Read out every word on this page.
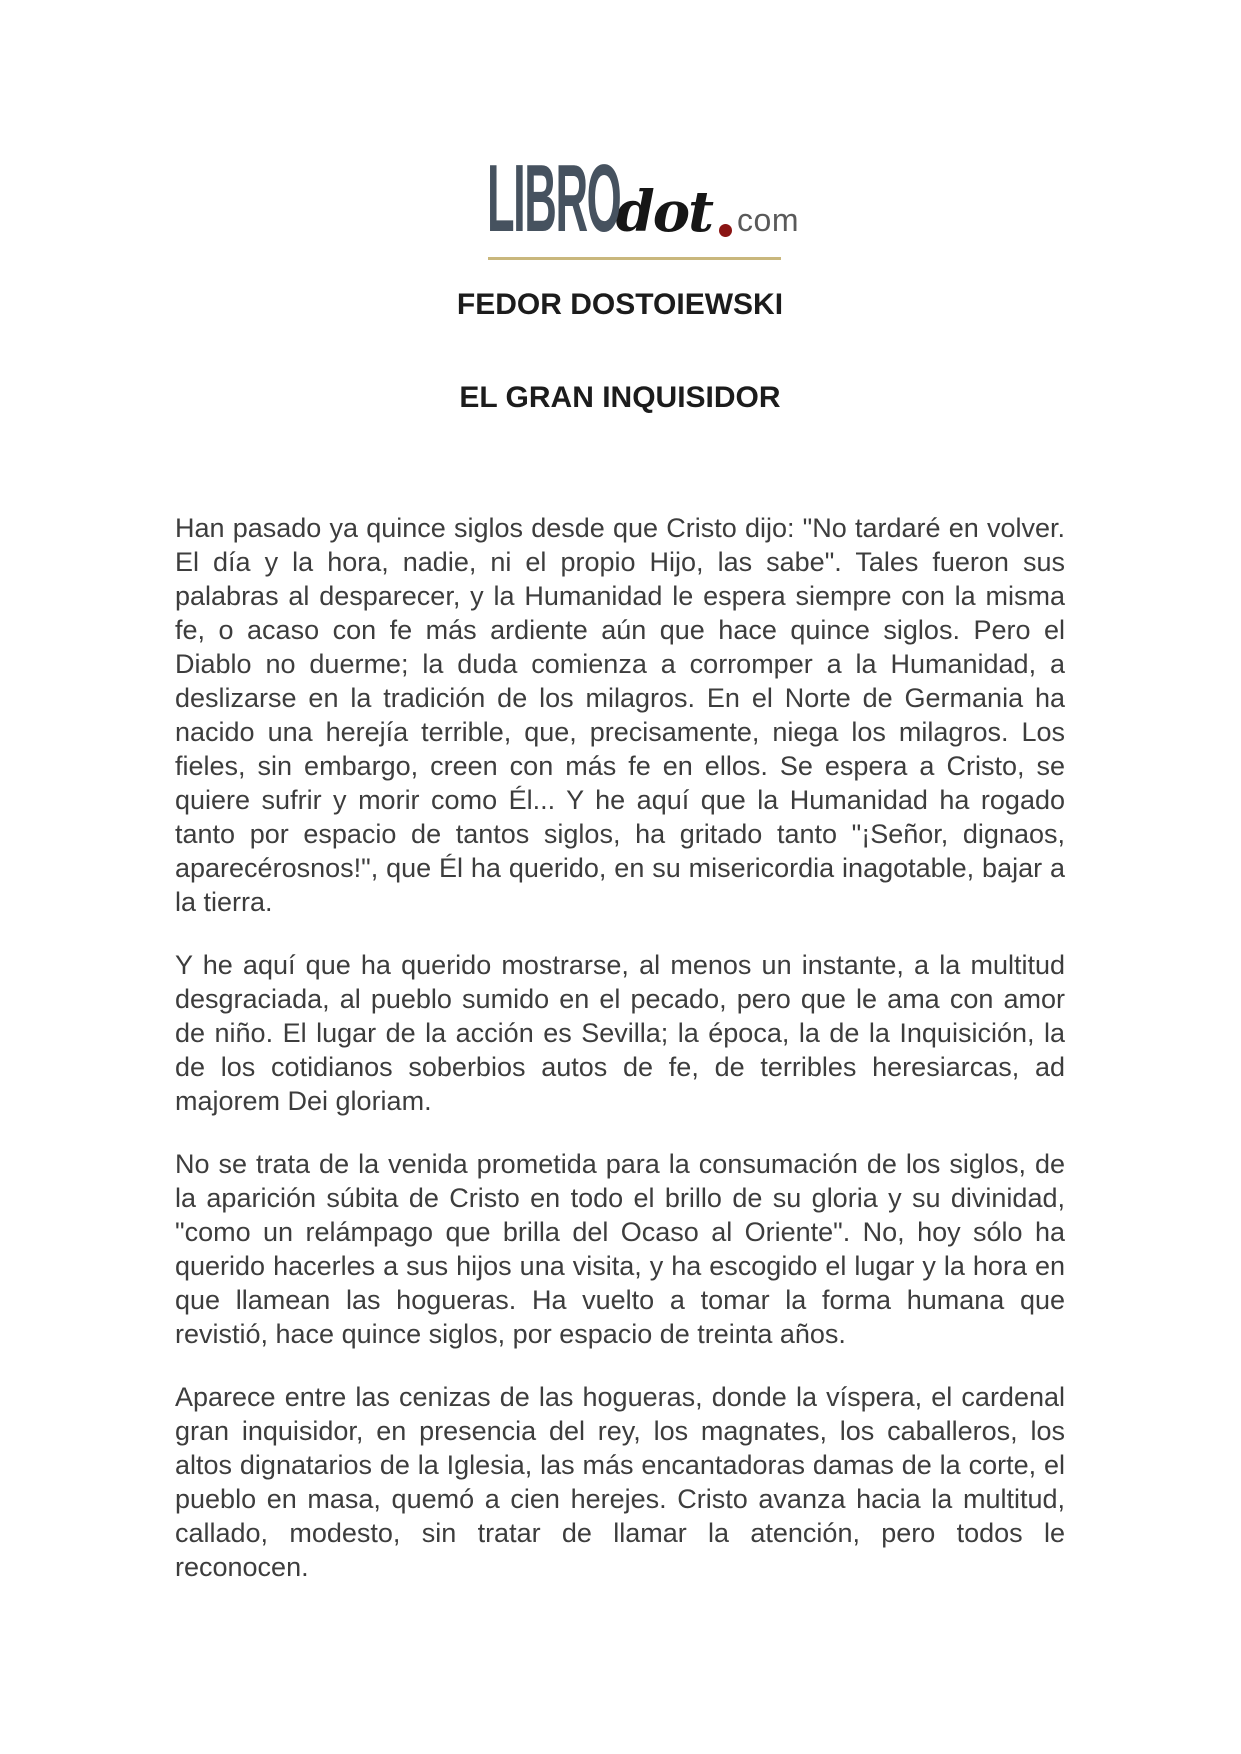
LIBRO
dot com
FEDOR DOSTOIEWSKI
EL GRAN INQUISIDOR

Han pasado ya quince siglos desde que Cristo dijo: "No tardaré en volver. El día y la hora, nadie, ni el propio Hijo, las sabe". Tales fueron sus palabras al desparecer, y la Humanidad le espera siempre con la misma fe, o acaso con fe más ardiente aún que hace quince siglos. Pero el Diablo no duerme; la duda comienza a corromper a la Humanidad, a deslizarse en la tradición de los milagros. En el Norte de Germania ha nacido una herejía terrible, que, precisamente, niega los milagros. Los fieles, sin embargo, creen con más fe en ellos. Se espera a Cristo, se quiere sufrir y morir como Él... Y he aquí que la Humanidad ha rogado tanto por espacio de tantos siglos, ha gritado tanto "¡Señor, dignaos, aparecérosnos!", que Él ha querido, en su misericordia inagotable, bajar a la tierra.

Y he aquí que ha querido mostrarse, al menos un instante, a la multitud desgraciada, al pueblo sumido en el pecado, pero que le ama con amor de niño. El lugar de la acción es Sevilla; la época, la de la Inquisición, la de los cotidianos soberbios autos de fe, de terribles heresiarcas, ad majorem Dei gloriam.

No se trata de la venida prometida para la consumación de los siglos, de la aparición súbita de Cristo en todo el brillo de su gloria y su divinidad, "como un relámpago que brilla del Ocaso al Oriente". No, hoy sólo ha querido hacerles a sus hijos una visita, y ha escogido el lugar y la hora en que llamean las hogueras. Ha vuelto a tomar la forma humana que revistió, hace quince siglos, por espacio de treinta años.

Aparece entre las cenizas de las hogueras, donde la víspera, el cardenal gran inquisidor, en presencia del rey, los magnates, los caballeros, los altos dignatarios de la Iglesia, las más encantadoras damas de la corte, el pueblo en masa, quemó a cien herejes. Cristo avanza hacia la multitud, callado, modesto, sin tratar de llamar la atención, pero todos le reconocen.
